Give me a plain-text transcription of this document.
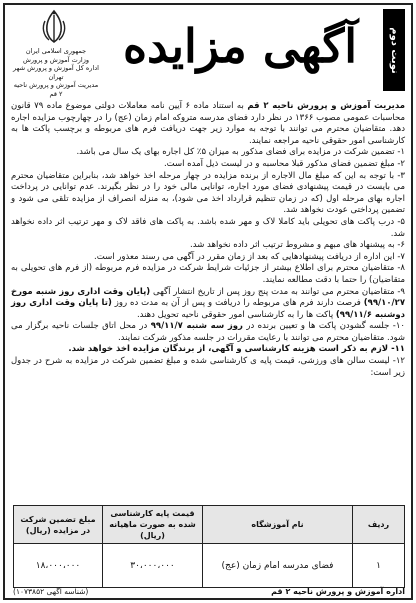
جمهوری اسلامی ایران
وزارت آموزش و پرورش
اداره کل آموزش و پرورش شهر تهران
مدیریت آموزش و پرورش ناحیه ۲ قم
آگهی مزایده	نوبت دوم

مدیریت آموزش و پرورش ناحیه ۲ قم به استناد ماده ۶ آیین نامه معاملات دولتی موضوع ماده ۷۹ قانون محاسبات عمومی مصوب ۱۳۶۶ در نظر دارد فضای مدرسه متروکه امام زمان (عج) را در چهارچوب مزایده اجاره دهد. متقاضیان محترم می توانند با توجه به موارد زیر جهت دریافت فرم های مربوطه و برچسب پاکت ها به کارشناسی امور حقوقی ناحیه مراجعه نمایند.

۱- تضمین شرکت در مزایده برای فضای مذکور به میزان ۵٪ کل اجاره بهای یک سال می باشد.

۲- مبلغ تضمین فضای مذکور قبلا محاسبه و در لیست ذیل آمده است.

۳- با توجه به این که مبلغ مال الاجاره از برنده مزایده در چهار مرحله اخذ خواهد شد، بنابراین متقاضیان محترم می بایست در قیمت پیشنهادی فضای مورد اجاره، توانایی مالی خود را در نظر بگیرند. عدم توانایی در پرداخت اجاره بهای مرحله اول (که در زمان تنظیم قرارداد اخذ می شود)، به منزله انصراف از مزایده تلقی می شود و تضمین پرداختی عودت نخواهد شد.

۵- درب پاکت های تحویلی باید کاملا لاک و مهر شده باشد. به پاکت های فاقد لاک و مهر ترتیب اثر داده نخواهد شد.

۶- به پیشنهاد های مبهم و مشروط ترتیب اثر داده نخواهد شد.

۷- این اداره از دریافت پیشنهادهایی که بعد از زمان مقرر در آگهی می رسند معذور است.

۸- متقاضیان محترم برای اطلاع بیشتر از جزئیات شرایط شرکت در مزایده فرم مربوطه (از فرم های تحویلی به متقاضیان) را حتما با دقت مطالعه نمایند.

۹- متقاضیان محترم می توانند به مدت پنج روز پس از تاریخ انتشار آگهی (پایان وقت اداری روز شنبه مورخ ۹۹/۱۰/۲۷) فرصت دارند فرم های مربوطه را دریافت و پس از آن به مدت ده روز (تا پایان وقت اداری روز دوشنبه ۹۹/۱۱/۶) پاکت ها را به کارشناسی امور حقوقی ناحیه تحویل دهند.

۱۰- جلسه گشودن پاکت ها و تعیین برنده در روز سه شنبه ۹۹/۱۱/۷ در محل اتاق جلسات ناحیه برگزار می شود. متقاضیان محترم می توانند با رعایت مقررات در جلسه مذکور شرکت نمایند.

۱۱- لازم به ذکر است هزینه کارشناسی و آگهی، از برندگان مزایده اخذ خواهد شد.

۱۲- لیست سالن های ورزشی، قیمت پایه ی کارشناسی شده و مبلغ تضمین شرکت در مزایده به شرح در جدول زیر است:

ردیف	نام آموزشگاه	قیمت پایه کارشناسی شده به صورت ماهیانه (ریال)	مبلغ تضمین شرکت در مزایده (ریال)
۱	فضای مدرسه امام زمان (عج)	۳۰،۰۰۰،۰۰۰	۱۸،۰۰۰،۰۰۰
اداره آموزش و پرورش ناحیه ۲ قم
(شناسه آگهی ۱۰۷۳۸۵۲)
